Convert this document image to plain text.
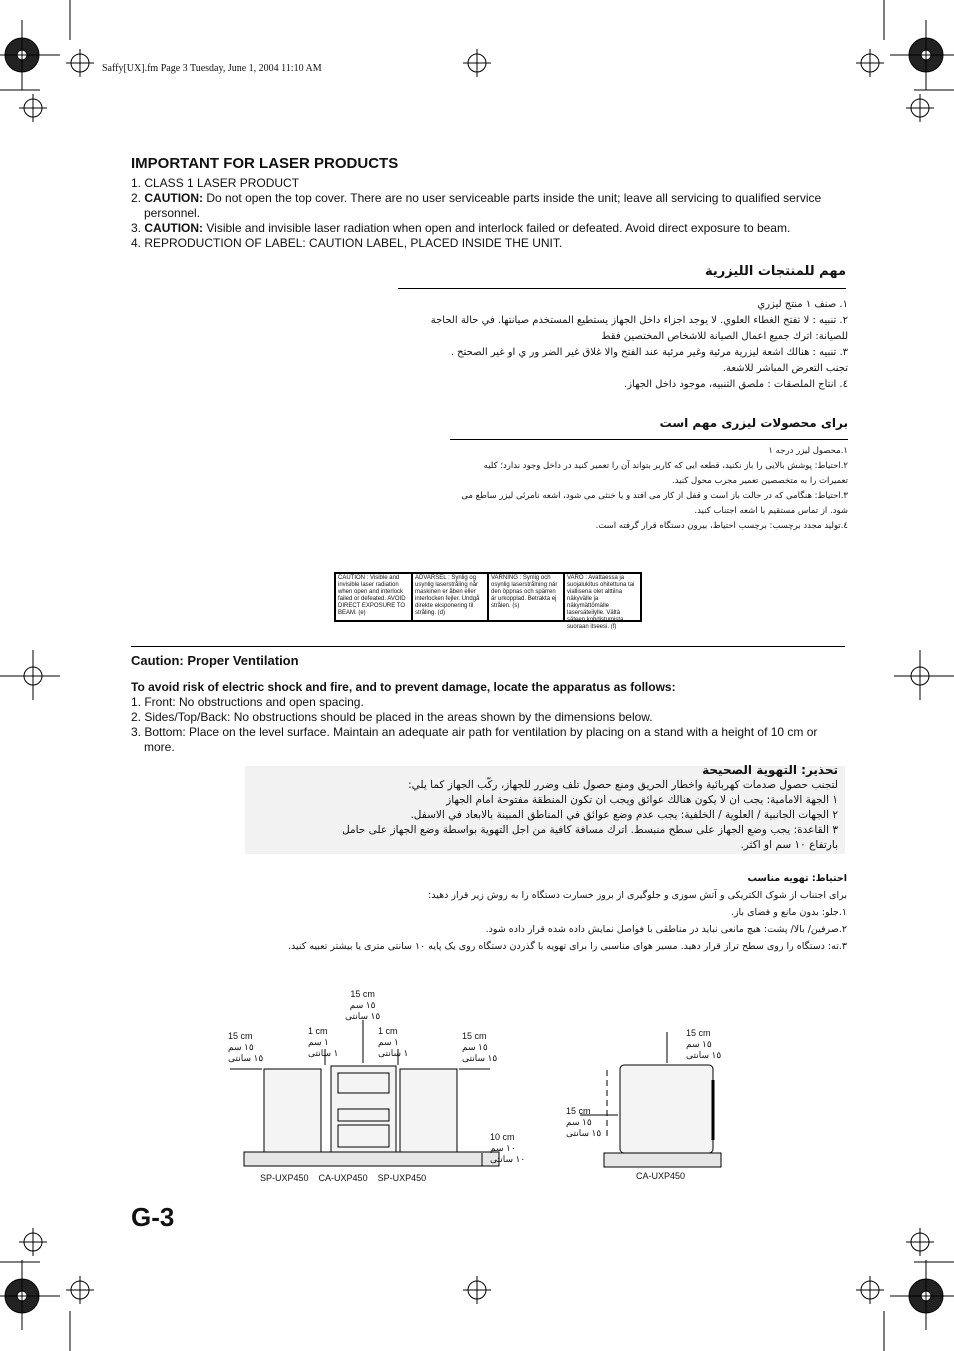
Saffy[UX].fm Page 3 Tuesday, June 1, 2004 11:10 AM
IMPORTANT FOR LASER PRODUCTS
1. CLASS 1 LASER PRODUCT
2. CAUTION: Do not open the top cover. There are no user serviceable parts inside the unit; leave all servicing to qualified service
personnel.
3. CAUTION: Visible and invisible laser radiation when open and interlock failed or defeated. Avoid direct exposure to beam.
4. REPRODUCTION OF LABEL: CAUTION LABEL, PLACED INSIDE THE UNIT.
مهم للمنتجات الليزرية
١. صنف ١ منتج ليزري
٢. تنبيه : لا تفتح الغطاء العلوي. لا يوجد اجزاء داخل الجهاز يستطيع المستخدم صيانتها. في حالة الحاجة
للصيانة: اترك جميع اعمال الصيانة للاشخاص المختصين فقط
٣. تنبيه : هنالك اشعة ليزرية مرئية وغير مرئية عند الفتح والا غلاق غير الضر ور ي او غير الصحتح .
تجنب التعرض المباشر للاشعة.
٤. انتاج الملصقات : ملصق التنبيه، موجود داخل الجهاز.
برای محصولات لیزری مهم است
١.محصول ليزر درجه ١
٢.احتياط: پوشش بالايى را باز نكنيد، قطعه ايى كه كاربر بتواند آن را تعمير كنيد در داخل وجود ندارد؛ كليه
تعميرات را به متخصصين تعمير مجرب محول كنيد.
٣.احتياط: هنگامى كه در حالت باز است و قفل از كار مى افتد و يا خنثى مى شود، اشعه نامرئى ليزر ساطع مى
شود. از تماس مستقيم با اشعه اجتناب كنيد.
٤.توليد مجدد برچسب: برچسب احتياط، بيرون دستگاه قرار گرفته است.
CAUTION : Visible and invisible laser radiation when open and interlock failed or defeated. AVOID DIRECT EXPOSURE TO BEAM. (e)
ADVARSEL : Synlig og usynlig laserstråling når maskinen er åben eller interlocken fejler. Undgå direkte eksponering til stråling. (d)
VARNING : Synlig och osynlig laserstrålning när den öppnas och spärren är urkopplad. Betrakta ej strålen. (s)
VARO : Avattaessa ja suojalukitus ohitettuna tai viallisena olet alttiina näkyvälle ja näkymättömälle lasersäteilylle. Vältä säteen kohdistumista suoraan itseesi. (f)
Caution: Proper Ventilation
To avoid risk of electric shock and fire, and to prevent damage, locate the apparatus as follows:
1. Front: No obstructions and open spacing.
2. Sides/Top/Back: No obstructions should be placed in the areas shown by the dimensions below.
3. Bottom: Place on the level surface. Maintain an adequate air path for ventilation by placing on a stand with a height of 10 cm or
more.
تحذير: التهوية الصحيحة
لتجنب حصول صدمات كهربائية واخطار الحريق ومنع حصول تلف وضرر للجهاز، ركّب الجهاز كما يلي:
١ الجهة الامامية: يجب ان لا يكون هنالك عوائق ويجب ان تكون المنطقة مفتوحة امام الجهاز
٢ الجهات الجانبية / العلوية / الخلفية: يجب عدم وضع عوائق في المناطق المبينة بالابعاد في الاسفل.
٣ القاعدة: يجب وضع الجهاز على سطح منبسط. اترك مسافة كافية من اجل التهوية بواسطة وضع الجهاز على حامل
بارتفاع ١٠ سم او اكثر.
احتياط: تهويه مناسب
براى اجتناب از شوک الكتريكى و آتش سوزى و جلوگيرى از بروز خسارت دستگاه را به روش زير قرار دهيد:
١.جلو: بدون مانع و فضاى باز.
٢.صرفين/ بالا/ پشت: هيچ مانعى نبايد در مناطقى با فواصل نمايش داده شده قرار داده شود.
٣.ته: دستگاه را روى سطح تراز قرار دهيد. مسير هواى مناسبى را براى تهويه با گذردن دستگاه روى يک پايه ١٠ سانتى مترى يا بيشتر تعبيه كنيد.
15 cm
١٥ سم
١٥ سانتى
15 cm
١٥ سم
١٥ سانتى
1 cm
١ سم
١ سانتى
1 cm
١ سم
١ سانتى
15 cm
١٥ سم
١٥ سانتى
10 cm
١٠ سم
١٠ سانتى
SP-UXP450 CA-UXP450 SP-UXP450
15 cm
١٥ سم
١٥ سانتى
15 cm
١٥ سم
١٥ سانتى
CA-UXP450
G-3
